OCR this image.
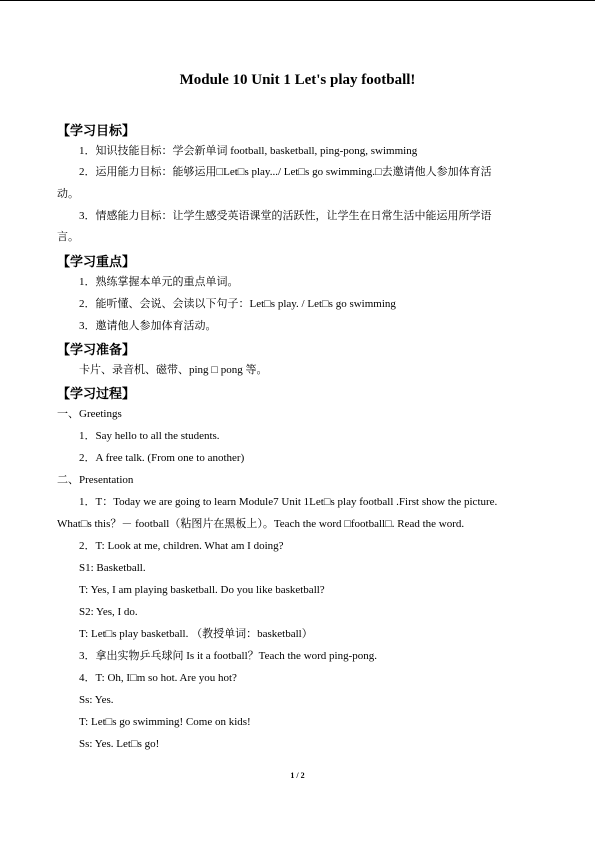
Module 10 Unit 1 Let's play football!
【学习目标】
1．知识技能目标：学会新单词 football, basketball, ping-pong, swimming
2．运用能力目标：能够运用□Let□s play.../ Let□s go swimming.□去邀请他人参加体育活
动。
3．情感能力目标：让学生感受英语课堂的活跃性，让学生在日常生活中能运用所学语
言。
【学习重点】
1．熟练掌握本单元的重点单词。
2．能听懂、会说、会读以下句子：Let□s play. / Let□s go swimming
3．邀请他人参加体育活动。
【学习准备】
卡片、录音机、磁带、ping □ pong 等。
【学习过程】
一、Greetings
1．Say hello to all the students.
2．A free talk. (From one to another)
二、Presentation
1．T：Today we are going to learn Module7 Unit 1Let□s play football .First show the picture.
What□s this？－ football（粘图片在黑板上）。Teach the word □football□. Read the word.
2．T: Look at me, children. What am I doing?
S1: Basketball.
T: Yes, I am playing basketball. Do you like basketball?
S2: Yes, I do.
T: Let□s play basketball. （教授单词：basketball）
3．拿出实物乒乓球问 Is it a football？Teach the word ping-pong.
4．T: Oh, I□m so hot. Are you hot?
Ss: Yes.
T: Let□s go swimming! Come on kids!
Ss: Yes. Let□s go!
1 / 2
